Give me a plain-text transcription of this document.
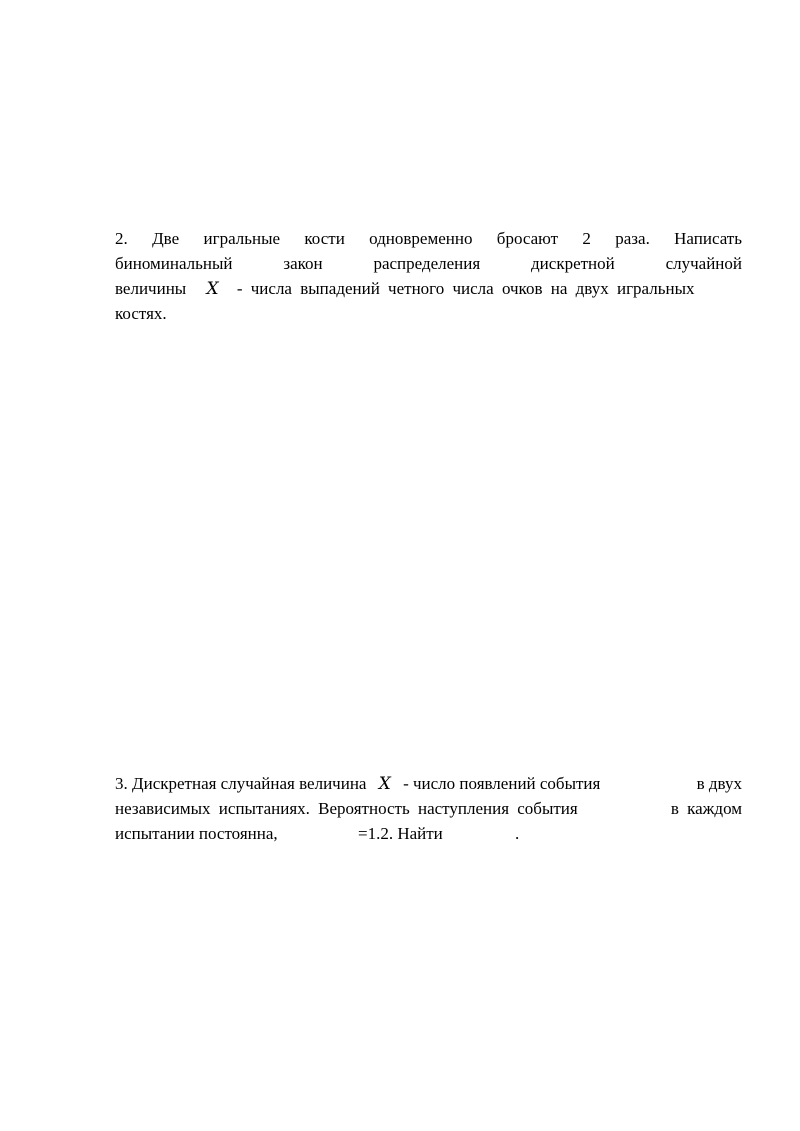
2. Две игральные кости одновременно бросают 2 раза. Написать
биноминальный закон распределения дискретной случайной
величины X - числа выпадений четного числа очков на двух игральных
костях.
3. Дискретная случайная величина X - число появлений события	в двух
независимых испытаниях. Вероятность наступления события	в каждом
испытании постоянна,	=1.2. Найти	.
